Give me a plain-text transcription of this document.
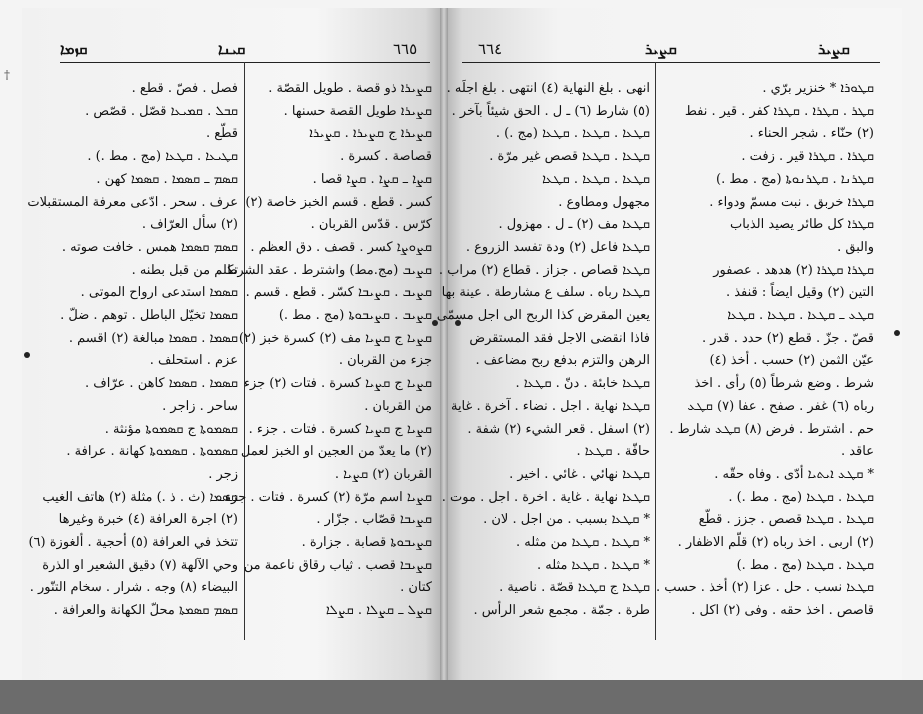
†
ܩܙܡܐ	ܩܝܢܐ	٦٦٥	٦٦٤	ܩܨܝܪ	ܩܨܝܪ
فصل . فصّ . قطع .
ܩܒܠ . ܩܡܝܥܐ قصّل . قصّص .
قطّع .
ܩܛܝܥܐ . ܩܛܥܐ (مج . مط .) .
ܩܣܡ ـ ܩܣܡܐ . ܩܣܡܐ كهن .
عرف . سحر . ادّعى معرفة المستقبلات
(٢) سأل العرّاف .
ܩܣܡ ܩܣܡܐ همس . خافت صوته .
تكلم من قبل بطنه .
ܩܣܡܐ استدعى ارواح الموتى .
ܩܣܡܐ تخيّل الباطل . توهم . ضلّ .
ܩܣܡܐ . ܩܣܡܐ مبالغة (٢) اقسم .
عزم . استحلف .
ܩܣܡܐ . ܩܣܡܐ كاهن . عرّاف .
ساحر . زاجر .
ܩܣܡܘܬܐ ج ܩܣܡܘܬܐ مؤنثة .
ܩܣܡܘܬܐ . ܩܣܡܘܬܐ كهانة . عرافة .
زجر .
ܩܣܡܐ (ث . ذ .) مثلة (٢) هاتف الغيب
(٢) اجرة العرافة (٤) خبرة وغيرها
تتخذ في العرافة (٥) أحجية . ألغوزة (٦)
وحي الآلهة (٧) دقيق الشعير او الذرة
البيضاء (٨) وجه . شرار . سخام التنّور .
ܩܣܡ ܩܣܡܬܐ محلّ الكهانة والعرافة .
ܩܨܝܪܐ ذو قصة . طويل القصّة .
ܩܨܝܪܐ طويل القصة حسنها .
ܩܨܝܪܐ ج ܩܨܝܪܐ . ܩܨܝܪܐ
قصاصة . كسرة .
ܩܨܐ ـ ܩܨܐ . ܩܨܐ قصا .
كسر . قطع . قسم الخبز خاصة (٢)
كرّس . قدّس القربان .
ܩܨܘܨܐ كسر . قصف . دق العظم .
ܩܨܝܒ (مج.مط) واشترط . عقد الشرط .
ܩܨܝܒ . ܩܨܝܒܐ كسّر . قطع . قسم .
ܩܨܝܒ . ܩܨܝܒܘܬܐ (مج . مط .)
ܩܨܝܐ ج ܩܨܝܐ مف (٢) كسرة خبز (٢)
جزء من القربان .
ܩܨܝܐ ج ܩܨܝܐ كسرة . فتات (٢) جزء
من القربان .
ܩܨܝܐ ج ܩܨܝܐ كسرة . فتات . جزء .
(٢) ما يعدّ من العجين او الخبز لعمل
القربان (٢) ܩܨܝܐ .
ܩܨܝܐ اسم مرّة (٢) كسرة . فتات . جزء .
ܩܨܝܒܐ قصّاب . جزّار .
ܩܨܝܒܘܬܐ قصابة . جزارة .
ܩܨܝܒܐ قصب . ثياب رقاق ناعمة من
كتان .
ܩܨܠ ـ ܩܨܠܐ . ܩܨܠܐ
انهى . بلغ النهاية (٤) انتهى . بلغ اجلَه .
(٥) شارط (٦) ـ ل . الحق شيئاً بآخر .
ܩܛܥܐ . ܩܛܥܐ . ܩܛܥܐ (مج .) .
ܩܛܥܐ . ܩܛܥܐ قصص غير مرّة .
ܩܛܥܐ . ܩܛܥܐ . ܩܛܥܐ
مجهول ومطاوع .
ܩܛܥܐ مف (٢) ـ ل . مهزول .
ܩܛܥܐ فاعل (٢) ودة تفسد الزروع .
ܩܛܥܐ قصاص . جزاز . قطاع (٢) مراب .
ܩܛܥܐ رباه . سلف ع مشارطة . عينة بها
يعين المقرض كذا الربح الى اجل مسمّى
فاذا انقضى الاجل فقد المستقرض
الرهن والتزم بدفع ربح مضاعف .
ܩܛܥܐ خابئة . دنّ . ܩܛܥܐ .
ܩܛܥܐ نهاية . اجل . نضاء . آخرة . غاية
(٢) اسفل . قعر الشيء (٢) شفة .
حافّة . ܩܛܥܐ .
ܩܛܥܐ نهائي . غائي . اخير .
ܩܛܥܐ نهاية . غاية . اخرة . اجل . موت .
* ܩܛܥܐ بسبب . من اجل . لان .
* ܩܛܥܐ . ܩܛܥܐ من مثله .
* ܩܛܥܐ . ܩܛܥܐ مثله .
ܩܛܥܐ ج ܩܛܥܐ قصّة . ناصية .
طرة . جمّة . مجمع شعر الرأس .
ܩܛܘܪܐ * خنزير برّي .
ܩܛܪ . ܩܛܪܐ . ܩܛܪܐ كفر . قير . نفط
(٢) حنّاء . شجر الحناء .
ܩܛܪܐ . ܩܛܪܐ قير . زفت .
ܩܛܪܢܐ . ܩܛܪܢܘܬܐ (مج . مط .)
ܩܛܪܐ خربق . نبت مسمّ ودواء .
ܩܛܪܐ كل طائر يصيد الذباب
والبق .
ܩܛܪܐ ܩܛܪܐ (٢) هدهد . عصفور
التين (٢) وقيل ايضاً : قنفذ .
ܩܛܥ ـ ܩܛܥܐ . ܩܛܥܐ . ܩܛܥܐ
قصّ . جزّ . قطع (٢) حدد . قدر .
عيّن الثمن (٢) حسب . أخذ (٤)
شرط . وضع شرطاً (٥) رأى . اخذ
رباه (٦) غفر . صفح . عفا (٧) ܩܛܥ
حم . اشترط . فرض (٨) ܩܛܥ شارط .
عاقد .
* ܩܛܥ ܐܝܬܝܐ أدّى . وفاه حقّه .
ܩܛܥܐ . ܩܛܥܐ (مج . مط .) .
ܩܛܥܐ . ܩܛܥܐ قصص . جزز . قطّع
(٢) اربى . اخذ رباه (٢) قلّم الاظفار .
ܩܛܥܐ . ܩܛܥܐ (مج . مط .)
ܩܛܥܐ نسب . حل . عزا (٢) أخذ . حسب .
قاصص . اخذ حقه . وفى (٢) اكل .
